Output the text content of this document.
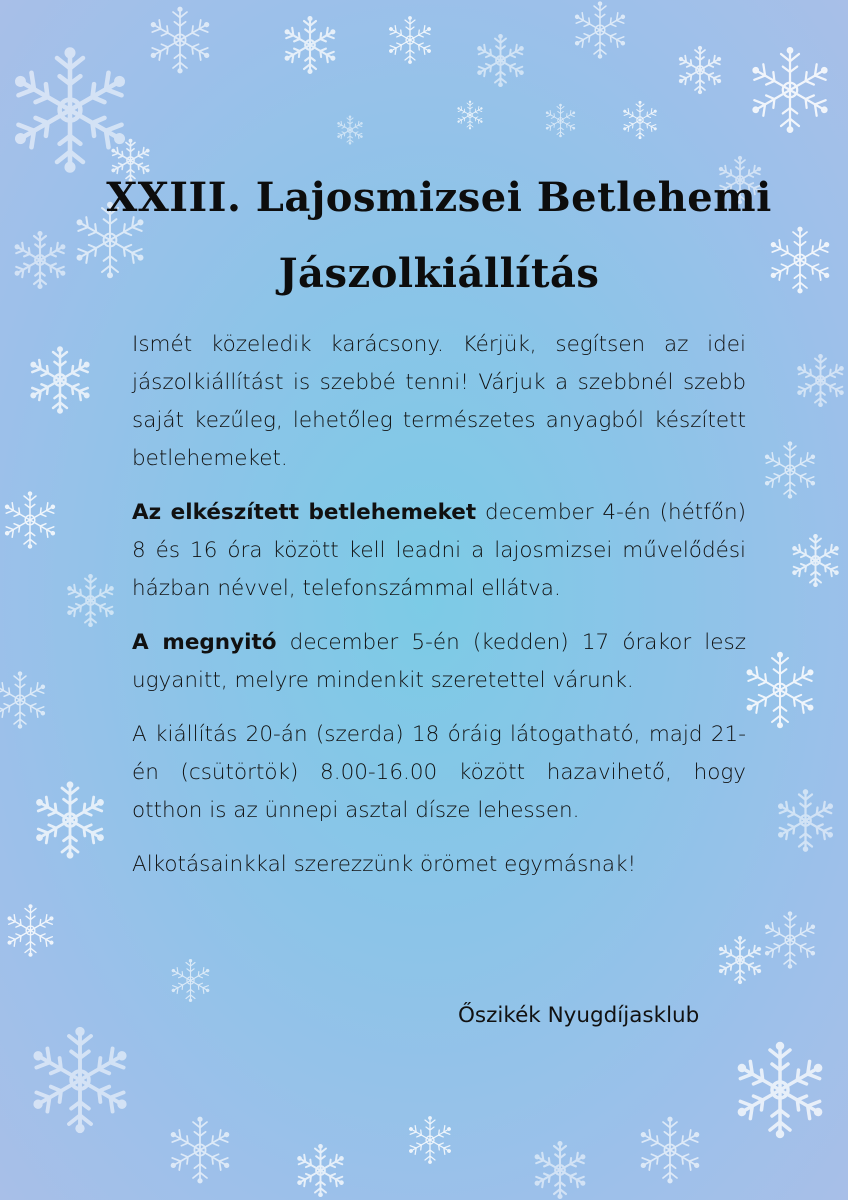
XXIII. Lajosmizsei Betlehemi
Jászolkiállítás

Ismét közeledik karácsony. Kérjük, segítsen az idei jászolkiállítást is szebbé tenni! Várjuk a szebbnél szebb saját kezűleg, lehetőleg természetes anyagból készített betlehemeket.

Az elkészített betlehemeket december 4-én (hétfőn) 8 és 16 óra között kell leadni a lajosmizsei művelődési házban névvel, telefonszámmal ellátva.

A megnyitó december 5-én (kedden) 17 órakor lesz ugyanitt, melyre mindenkit szeretettel várunk.

A kiállítás 20-án (szerda) 18 óráig látogatható, majd 21-én (csütörtök) 8.00-16.00 között hazavihető, hogy otthon is az ünnepi asztal dísze lehessen.

Alkotásainkkal szerezzünk örömet egymásnak!

Őszikék Nyugdíjasklub
